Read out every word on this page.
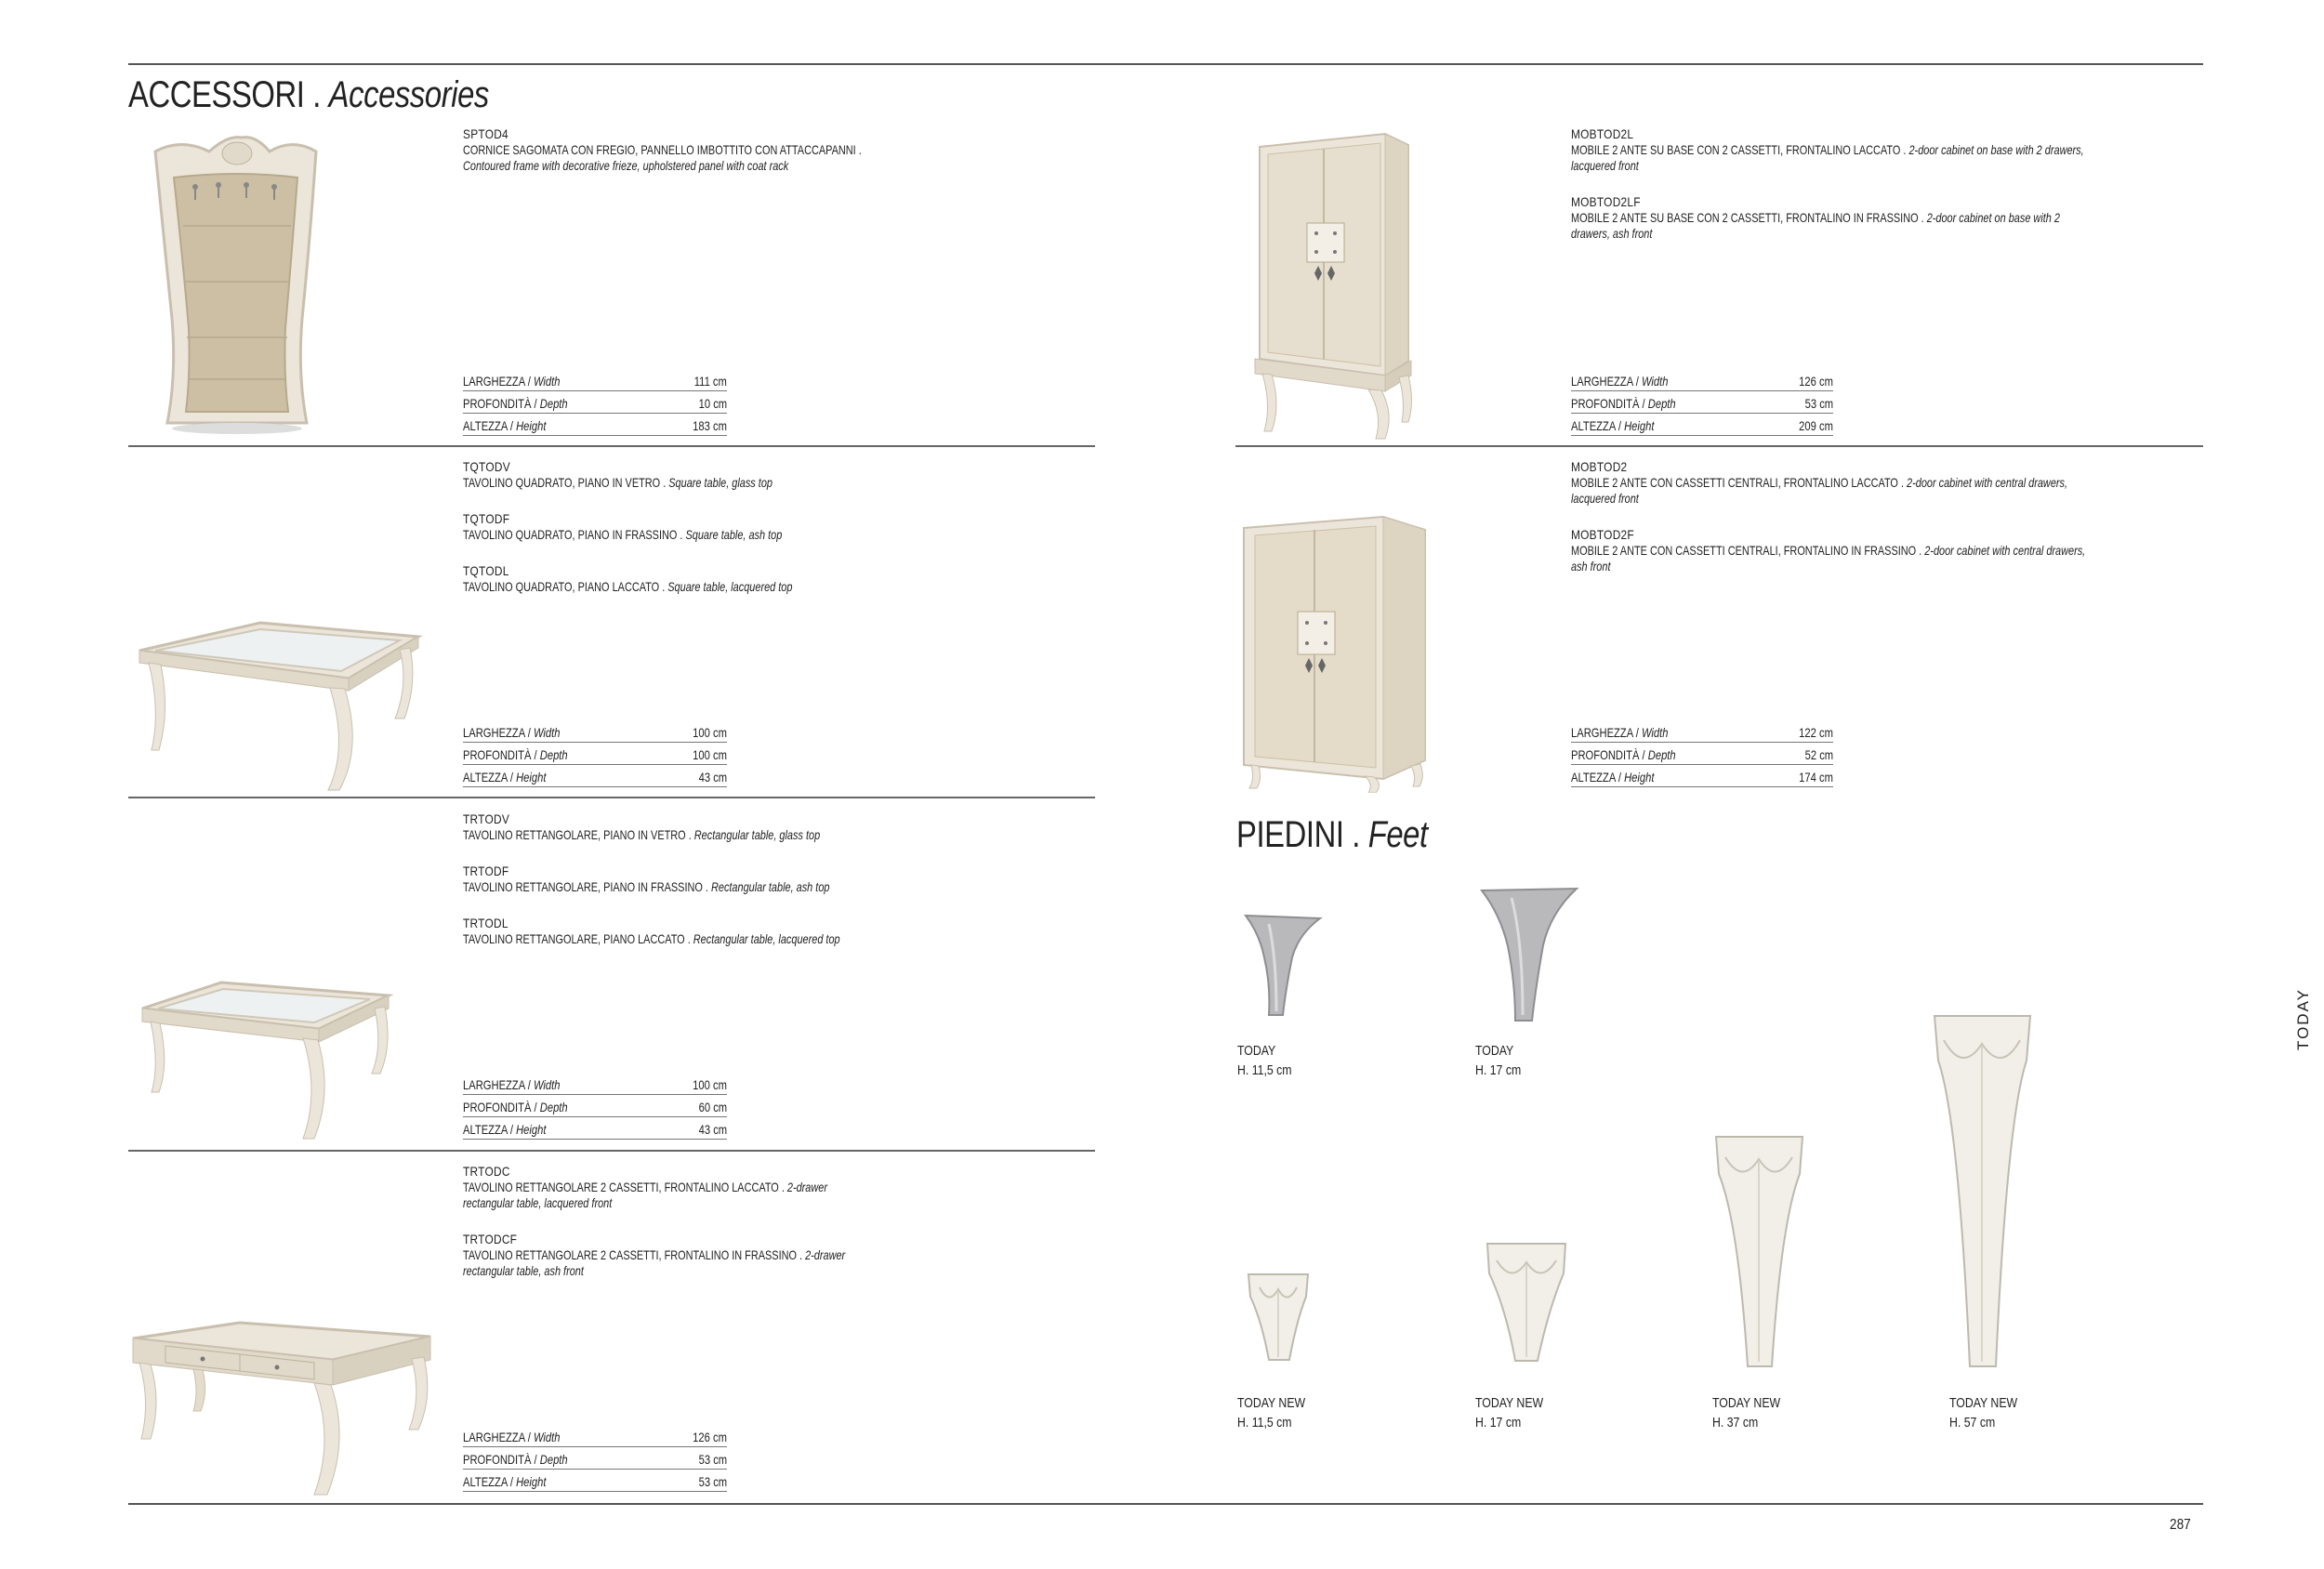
ACCESSORI . Accessories
PIEDINI . Feet
SPTOD4
CORNICE SAGOMATA CON FREGIO, PANNELLO IMBOTTITO CON ATTACCAPANNI . Contoured frame with decorative frieze, upholstered panel with coat rack
LARGHEZZA / Width	111 cm
PROFONDITÀ / Depth	10 cm
ALTEZZA / Height	183 cm
TQTODV
TAVOLINO QUADRATO, PIANO IN VETRO . Square table, glass top
TQTODF
TAVOLINO QUADRATO, PIANO IN FRASSINO . Square table, ash top
TQTODL
TAVOLINO QUADRATO, PIANO LACCATO . Square table, lacquered top
LARGHEZZA / Width	100 cm
PROFONDITÀ / Depth	100 cm
ALTEZZA / Height	43 cm
TRTODV
TAVOLINO RETTANGOLARE, PIANO IN VETRO . Rectangular table, glass top
TRTODF
TAVOLINO RETTANGOLARE, PIANO IN FRASSINO . Rectangular table, ash top
TRTODL
TAVOLINO RETTANGOLARE, PIANO LACCATO . Rectangular table, lacquered top
LARGHEZZA / Width	100 cm
PROFONDITÀ / Depth	60 cm
ALTEZZA / Height	43 cm
TRTODC
TAVOLINO RETTANGOLARE 2 CASSETTI, FRONTALINO LACCATO . 2-drawer rectangular table, lacquered front
TRTODCF
TAVOLINO RETTANGOLARE 2 CASSETTI, FRONTALINO IN FRASSINO . 2-drawer rectangular table, ash front
LARGHEZZA / Width	126 cm
PROFONDITÀ / Depth	53 cm
ALTEZZA / Height	53 cm
MOBTOD2L
MOBILE 2 ANTE SU BASE CON 2 CASSETTI, FRONTALINO LACCATO . 2-door cabinet on base with 2 drawers, lacquered front
MOBTOD2LF
MOBILE 2 ANTE SU BASE CON 2 CASSETTI, FRONTALINO IN FRASSINO . 2-door cabinet on base with 2 drawers, ash front
LARGHEZZA / Width	126 cm
PROFONDITÀ / Depth	53 cm
ALTEZZA / Height	209 cm
MOBTOD2
MOBILE 2 ANTE CON CASSETTI CENTRALI, FRONTALINO LACCATO . 2-door cabinet with central drawers, lacquered front
MOBTOD2F
MOBILE 2 ANTE CON CASSETTI CENTRALI, FRONTALINO IN FRASSINO . 2-door cabinet with central drawers, ash front
LARGHEZZA / Width	122 cm
PROFONDITÀ / Depth	52 cm
ALTEZZA / Height	174 cm
TODAY
H. 11,5 cm
TODAY
H. 17 cm
TODAY NEW
H. 11,5 cm
TODAY NEW
H. 17 cm
TODAY NEW
H. 37 cm
TODAY NEW
H. 57 cm
TODAY
287
